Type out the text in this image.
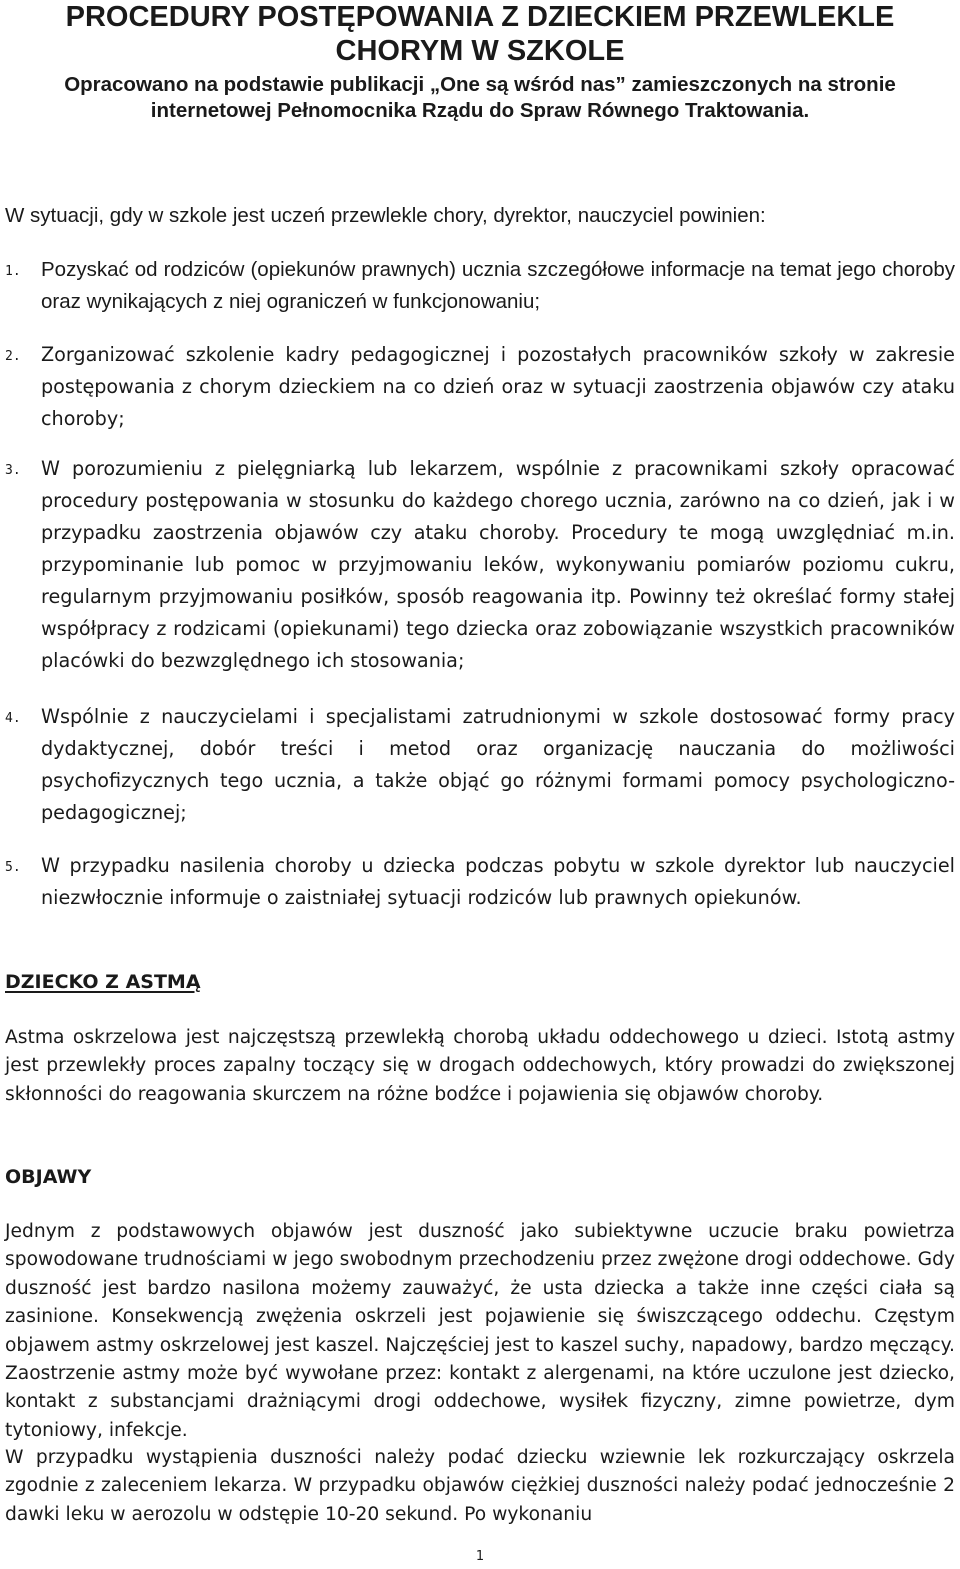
PROCEDURY POSTĘPOWANIA Z DZIECKIEM PRZEWLEKLE

CHORYM W SZKOLE

Opracowano na podstawie publikacji „One są wśród nas” zamieszczonych na stronie

internetowej Pełnomocnika Rządu do Spraw Równego Traktowania.

W sytuacji, gdy w szkole jest uczeń przewlekle chory, dyrektor, nauczyciel powinien:

1. Pozyskać od rodziców (opiekunów prawnych) ucznia szczegółowe informacje na temat jego choroby oraz wynikających z niej ograniczeń w funkcjonowaniu;

2. Zorganizować szkolenie kadry pedagogicznej i pozostałych pracowników szkoły w zakresie postępowania z chorym dzieckiem na co dzień oraz w sytuacji zaostrzenia objawów czy ataku choroby;

3. W porozumieniu z pielęgniarką lub lekarzem, wspólnie z pracownikami szkoły opracować procedury postępowania w stosunku do każdego chorego ucznia, zarówno na co dzień, jak i w przypadku zaostrzenia objawów czy ataku choroby. Procedury te mogą uwzględniać m.in. przypominanie lub pomoc w przyjmowaniu leków, wykonywaniu pomiarów poziomu cukru, regularnym przyjmowaniu posiłków, sposób reagowania itp. Powinny też określać formy stałej współpracy z rodzicami (opiekunami) tego dziecka oraz zobowiązanie wszystkich pracowników placówki do bezwzględnego ich stosowania;

4. Wspólnie z nauczycielami i specjalistami zatrudnionymi w szkole dostosować formy pracy dydaktycznej, dobór treści i metod oraz organizację nauczania do możliwości psychofizycznych tego ucznia, a także objąć go różnymi formami pomocy psychologiczno-pedagogicznej;

5. W przypadku nasilenia choroby u dziecka podczas pobytu w szkole dyrektor lub nauczyciel niezwłocznie informuje o zaistniałej sytuacji rodziców lub prawnych opiekunów.

DZIECKO Z ASTMĄ

Astma oskrzelowa jest najczęstszą przewlekłą chorobą układu oddechowego u dzieci. Istotą astmy jest przewlekły proces zapalny toczący się w drogach oddechowych, który prowadzi do zwiększonej skłonności do reagowania skurczem na różne bodźce i pojawienia się objawów choroby.

OBJAWY

Jednym z podstawowych objawów jest duszność jako subiektywne uczucie braku powietrza spowodowane trudnościami w jego swobodnym przechodzeniu przez zwężone drogi oddechowe. Gdy duszność jest bardzo nasilona możemy zauważyć, że usta dziecka a także inne części ciała są zasinione. Konsekwencją zwężenia oskrzeli jest pojawienie się świszczącego oddechu. Częstym objawem astmy oskrzelowej jest kaszel. Najczęściej jest to kaszel suchy, napadowy, bardzo męczący. Zaostrzenie astmy może być wywołane przez: kontakt z alergenami, na które uczulone jest dziecko, kontakt z substancjami drażniącymi drogi oddechowe, wysiłek fizyczny, zimne powietrze, dym tytoniowy, infekcje.

W przypadku wystąpienia duszności należy podać dziecku wziewnie lek rozkurczający oskrzela zgodnie z zaleceniem lekarza. W przypadku objawów ciężkiej duszności należy podać jednocześnie 2 dawki leku w aerozolu w odstępie 10-20 sekund. Po wykonaniu

1
